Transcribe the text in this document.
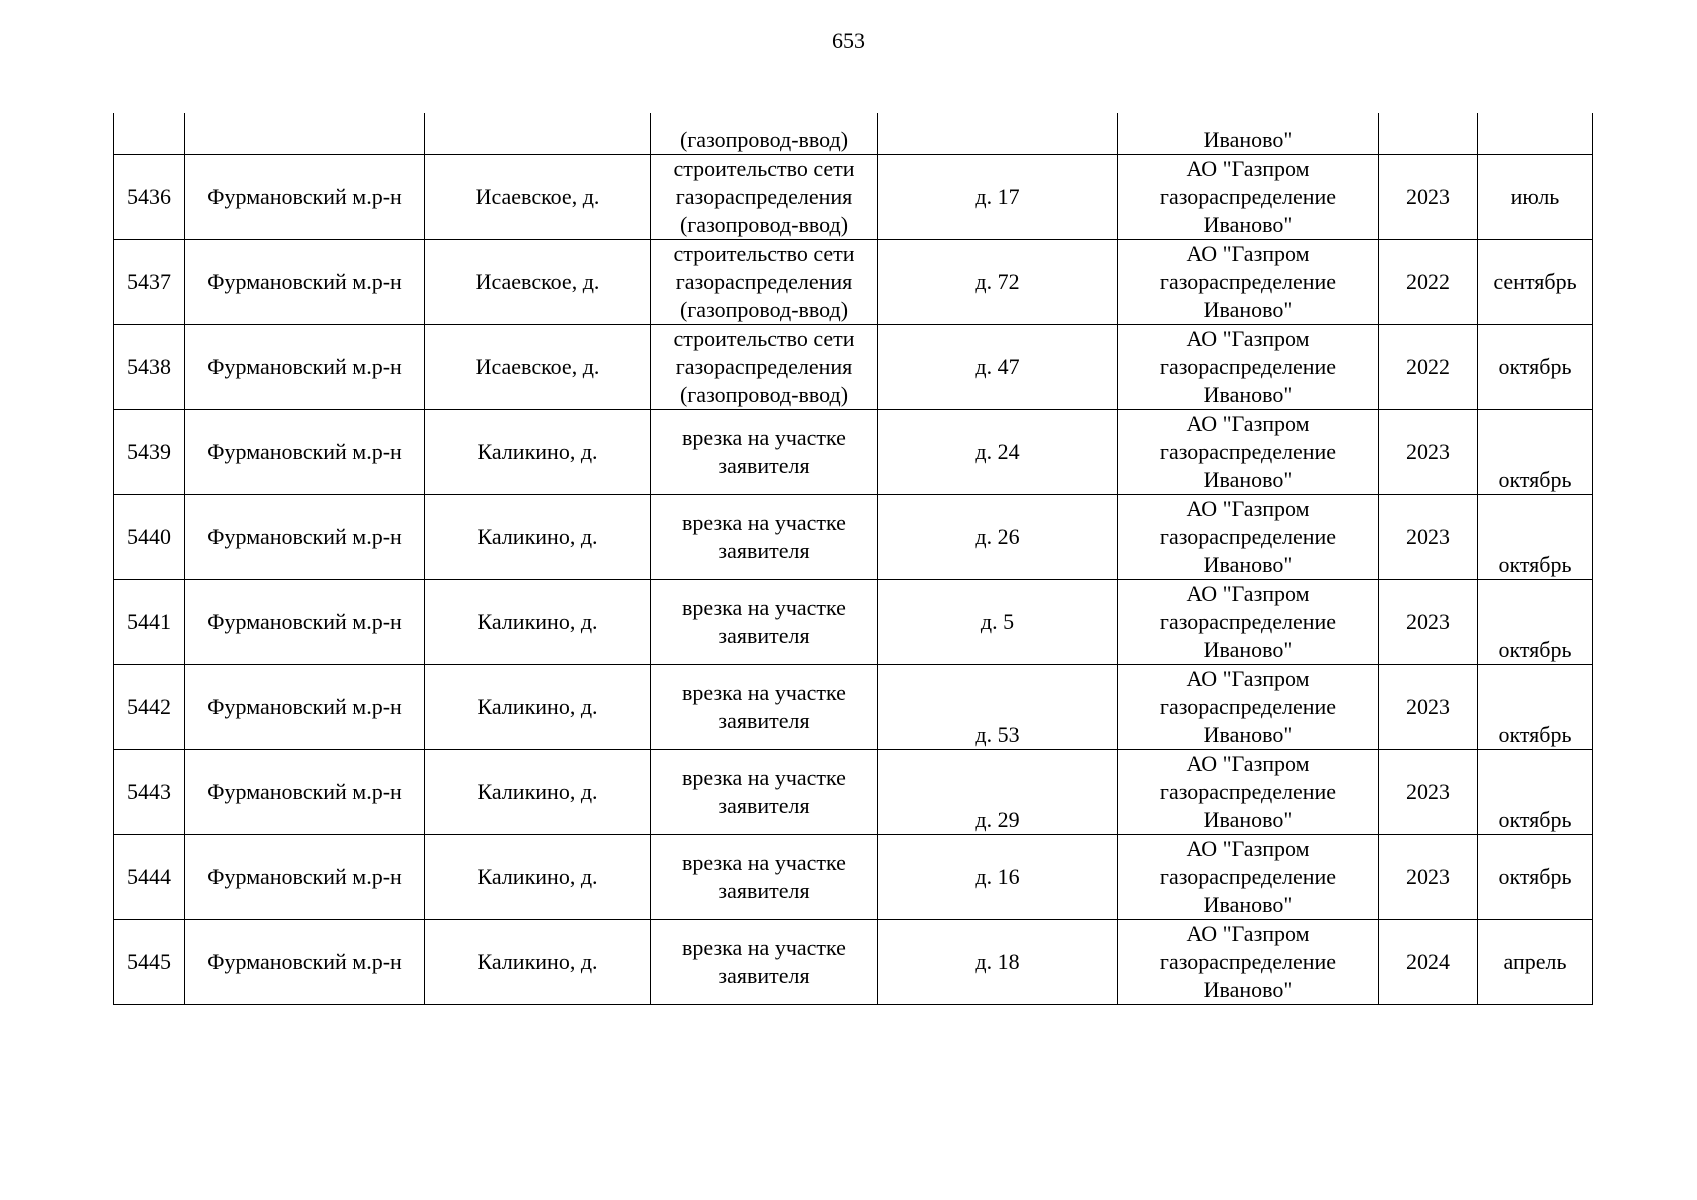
653
			(газопровод-ввод)		Иваново"		
5436	Фурмановский м.р-н	Исаевское, д.	строительство сети газораспределения (газопровод-ввод)	д. 17	АО "Газпром газораспределение Иваново"	2023	июль
5437	Фурмановский м.р-н	Исаевское, д.	строительство сети газораспределения (газопровод-ввод)	д. 72	АО "Газпром газораспределение Иваново"	2022	сентябрь
5438	Фурмановский м.р-н	Исаевское, д.	строительство сети газораспределения (газопровод-ввод)	д. 47	АО "Газпром газораспределение Иваново"	2022	октябрь
5439	Фурмановский м.р-н	Каликино, д.	врезка на участке заявителя	д. 24	АО "Газпром газораспределение Иваново"	2023	октябрь
5440	Фурмановский м.р-н	Каликино, д.	врезка на участке заявителя	д. 26	АО "Газпром газораспределение Иваново"	2023	октябрь
5441	Фурмановский м.р-н	Каликино, д.	врезка на участке заявителя	д. 5	АО "Газпром газораспределение Иваново"	2023	октябрь
5442	Фурмановский м.р-н	Каликино, д.	врезка на участке заявителя	д. 53	АО "Газпром газораспределение Иваново"	2023	октябрь
5443	Фурмановский м.р-н	Каликино, д.	врезка на участке заявителя	д. 29	АО "Газпром газораспределение Иваново"	2023	октябрь
5444	Фурмановский м.р-н	Каликино, д.	врезка на участке заявителя	д. 16	АО "Газпром газораспределение Иваново"	2023	октябрь
5445	Фурмановский м.р-н	Каликино, д.	врезка на участке заявителя	д. 18	АО "Газпром газораспределение Иваново"	2024	апрель
